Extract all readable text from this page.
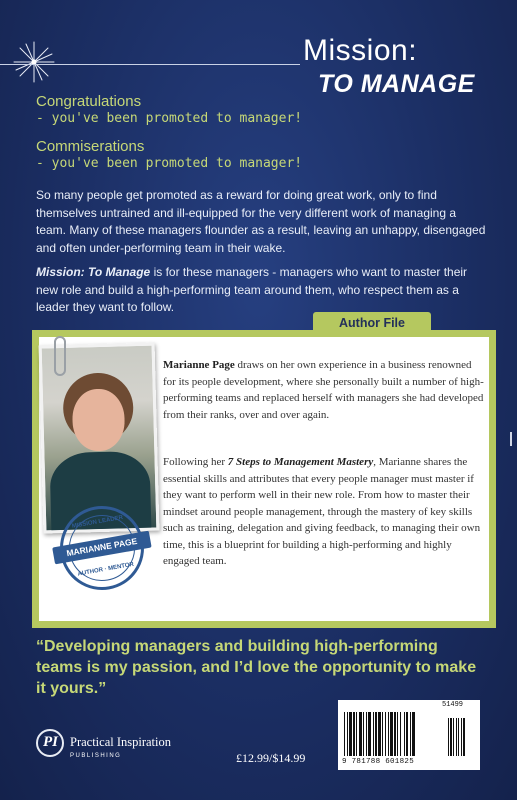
Mission:
TO MANAGE
Congratulations
- you've been promoted to manager!
Commiserations
- you've been promoted to manager!
So many people get promoted as a reward for doing great work, only to find themselves untrained and ill-equipped for the very different work of managing a team. Many of these managers flounder as a result, leaving an unhappy, disengaged and often under-performing team in their wake.
Mission: To Manage is for these managers - managers who want to master their new role and build a high-performing team around them, who respect them as a leader they want to follow.
Author File
MISSION LEADER
MARIANNE PAGE
AUTHOR · MENTOR
Marianne Page draws on her own experience in a business renowned for its people development, where she personally built a number of high-performing teams and replaced herself with managers she had developed from their ranks, over and over again.
Following her 7 Steps to Management Mastery, Marianne shares the essential skills and attributes that every people manager must master if they want to perform well in their new role. From how to master their mindset around people management, through the mastery of key skills such as training, delegation and giving feedback, to managing their own time, this is a blueprint for building a high-performing and highly engaged team.
“Developing managers and building high-performing teams is my passion, and I’d love the opportunity to make it yours.”
PI Practical Inspiration
PUBLISHING	£12.99/$14.99
51499
9 781788 601825
